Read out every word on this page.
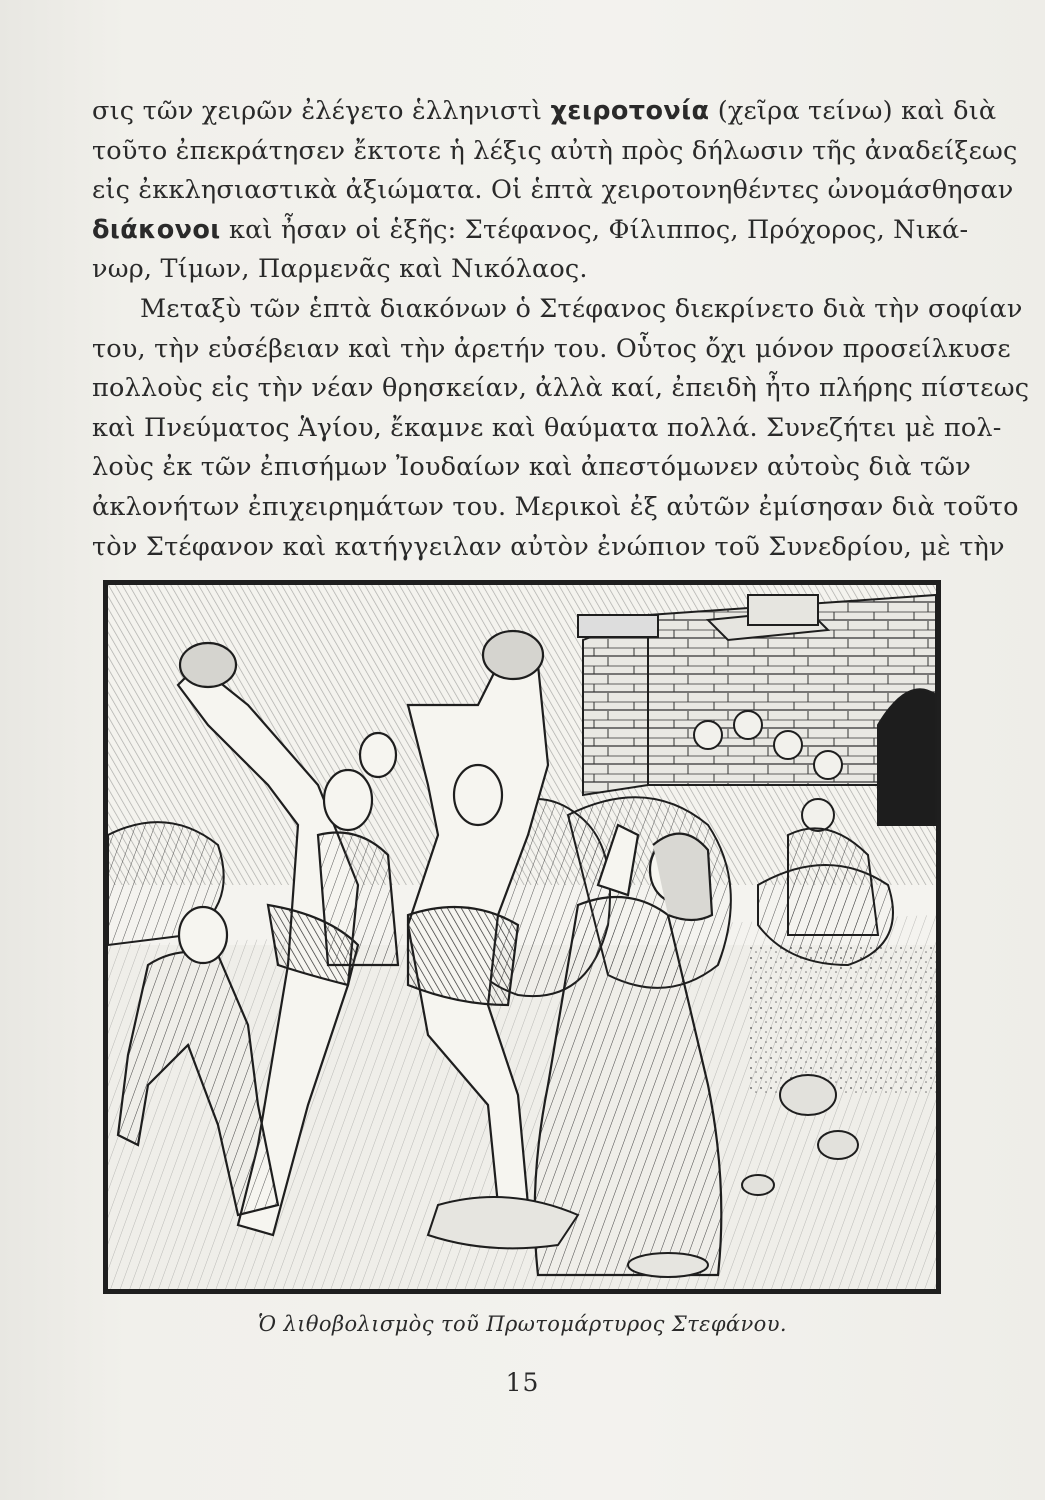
σις τῶν χειρῶν ἐλέγετο ἑλληνιστὶ χειροτονία (χεῖρα τείνω) καὶ διὰ
τοῦτο ἐπεκράτησεν ἔκτοτε ἡ λέξις αὐτὴ πρὸς δήλωσιν τῆς ἀναδείξεως
εἰς ἐκκλησιαστικὰ ἀξιώματα. Οἱ ἑπτὰ χειροτονηθέντες ὠνομάσθησαν
διάκονοι καὶ ἦσαν οἱ ἑξῆς: Στέφανος, Φίλιππος, Πρόχορος, Νικά-
νωρ, Τίμων, Παρμενᾶς καὶ Νικόλαος.
Μεταξὺ τῶν ἑπτὰ διακόνων ὁ Στέφανος διεκρίνετο διὰ τὴν σοφίαν
του, τὴν εὐσέβειαν καὶ τὴν ἀρετήν του. Οὗτος ὄχι μόνον προσείλκυσε
πολλοὺς εἰς τὴν νέαν θρησκείαν, ἀλλὰ καί, ἐπειδὴ ἦτο πλήρης πίστεως
καὶ Πνεύματος Ἁγίου, ἔκαμνε καὶ θαύματα πολλά. Συνεζήτει μὲ πολ-
λοὺς ἐκ τῶν ἐπισήμων Ἰουδαίων καὶ ἀπεστόμωνεν αὐτοὺς διὰ τῶν
ἀκλονήτων ἐπιχειρημάτων του. Μερικοὶ ἐξ αὐτῶν ἐμίσησαν διὰ τοῦτο
τὸν Στέφανον καὶ κατήγγειλαν αὐτὸν ἐνώπιον τοῦ Συνεδρίου, μὲ τὴν
Ὁ λιθοβολισμὸς τοῦ Πρωτομάρτυρος Στεφάνου.
15
